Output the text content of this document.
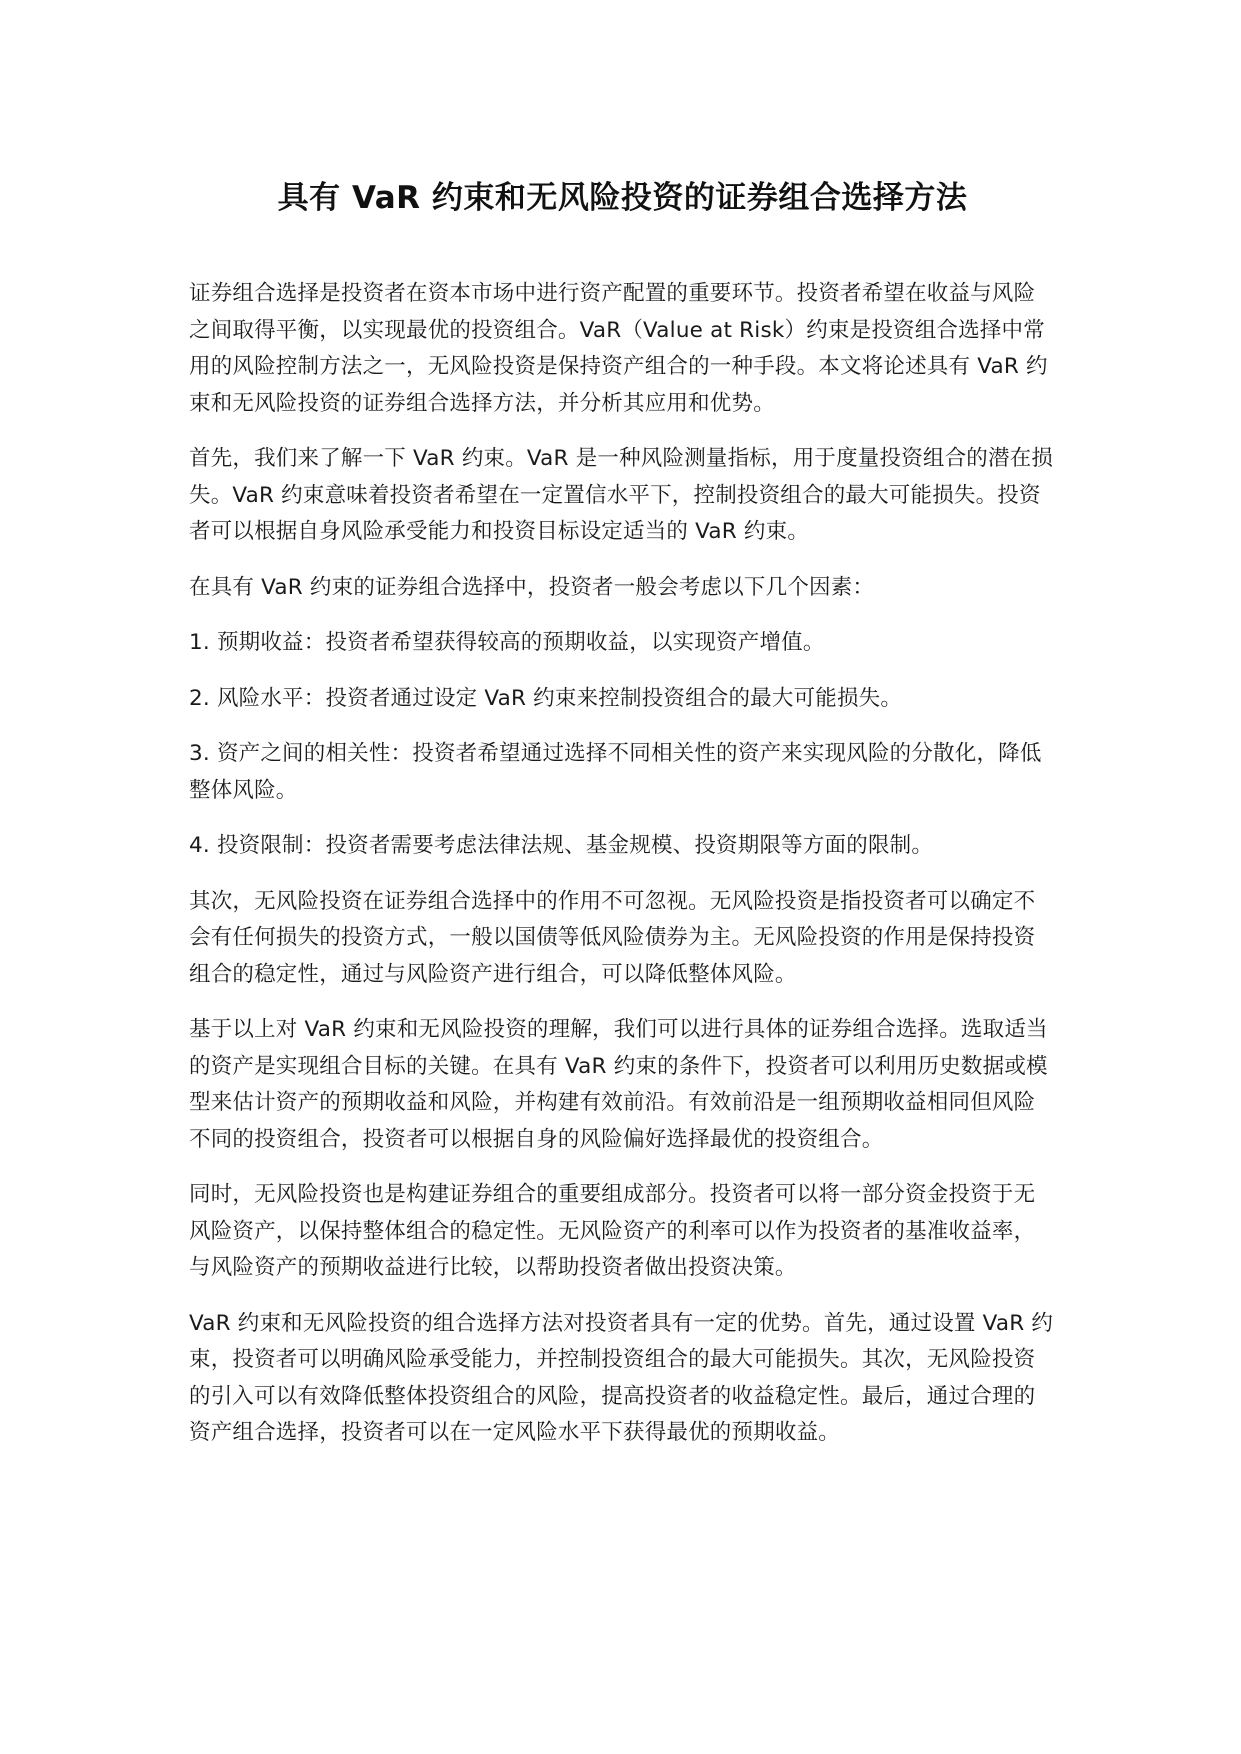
具有 VaR 约束和无风险投资的证券组合选择方法

证券组合选择是投资者在资本市场中进行资产配置的重要环节。投资者希望在收益与风险之间取得平衡，以实现最优的投资组合。VaR（Value at Risk）约束是投资组合选择中常用的风险控制方法之一，无风险投资是保持资产组合的一种手段。本文将论述具有 VaR 约束和无风险投资的证券组合选择方法，并分析其应用和优势。

首先，我们来了解一下 VaR 约束。VaR 是一种风险测量指标，用于度量投资组合的潜在损失。VaR 约束意味着投资者希望在一定置信水平下，控制投资组合的最大可能损失。投资者可以根据自身风险承受能力和投资目标设定适当的 VaR 约束。

在具有 VaR 约束的证券组合选择中，投资者一般会考虑以下几个因素：

1. 预期收益：投资者希望获得较高的预期收益，以实现资产增值。

2. 风险水平：投资者通过设定 VaR 约束来控制投资组合的最大可能损失。

3. 资产之间的相关性：投资者希望通过选择不同相关性的资产来实现风险的分散化，降低整体风险。

4. 投资限制：投资者需要考虑法律法规、基金规模、投资期限等方面的限制。

其次，无风险投资在证券组合选择中的作用不可忽视。无风险投资是指投资者可以确定不会有任何损失的投资方式，一般以国债等低风险债券为主。无风险投资的作用是保持投资组合的稳定性，通过与风险资产进行组合，可以降低整体风险。

基于以上对 VaR 约束和无风险投资的理解，我们可以进行具体的证券组合选择。选取适当的资产是实现组合目标的关键。在具有 VaR 约束的条件下，投资者可以利用历史数据或模型来估计资产的预期收益和风险，并构建有效前沿。有效前沿是一组预期收益相同但风险不同的投资组合，投资者可以根据自身的风险偏好选择最优的投资组合。

同时，无风险投资也是构建证券组合的重要组成部分。投资者可以将一部分资金投资于无风险资产，以保持整体组合的稳定性。无风险资产的利率可以作为投资者的基准收益率，与风险资产的预期收益进行比较，以帮助投资者做出投资决策。

VaR 约束和无风险投资的组合选择方法对投资者具有一定的优势。首先，通过设置 VaR 约束，投资者可以明确风险承受能力，并控制投资组合的最大可能损失。其次，无风险投资的引入可以有效降低整体投资组合的风险，提高投资者的收益稳定性。最后，通过合理的资产组合选择，投资者可以在一定风险水平下获得最优的预期收益。
